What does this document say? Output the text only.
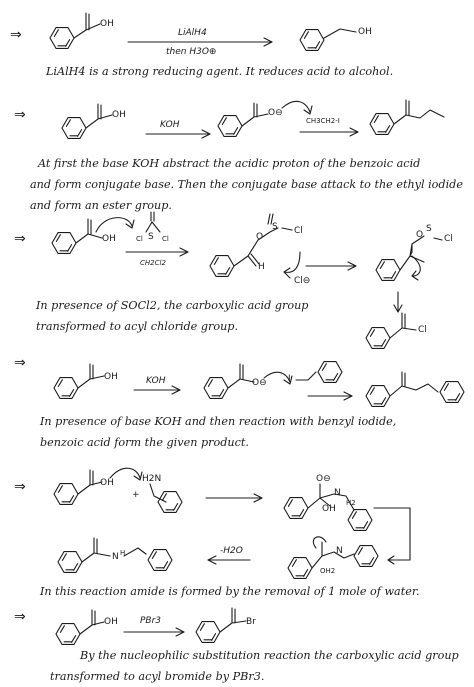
⇒
⇒
⇒
⇒
⇒
⇒
OH
LiAlH4
then H3O⊕
OH
LiAlH4 is a strong reducing agent. It reduces acid to alcohol.
OH
KOH
O⊖
CH3CH2-I
At first the base KOH abstract the acidic proton of the benzoic acid
and form conjugate base. Then the conjugate base attack to the ethyl iodide
and form an ester group.
OH	S
Cl	Cl
CH2Cl2
O
S Cl
H
Cl⊖
O
S
Cl
Cl
In presence of SOCl2, the carboxylic acid group
transformed to acyl chloride group.
OH	KOH	O⊖ I
In presence of base KOH and then reaction with benzyl iodide,
benzoic acid form the given product.
OH
+
H2N	O⊖
OH
N
H2
-H2O
OH2
N
N H
In this reaction amide is formed by the removal of 1 mole of water.
OH PBr3	Br
By the nucleophilic substitution reaction the carboxylic acid group
transformed to acyl bromide by PBr3.
